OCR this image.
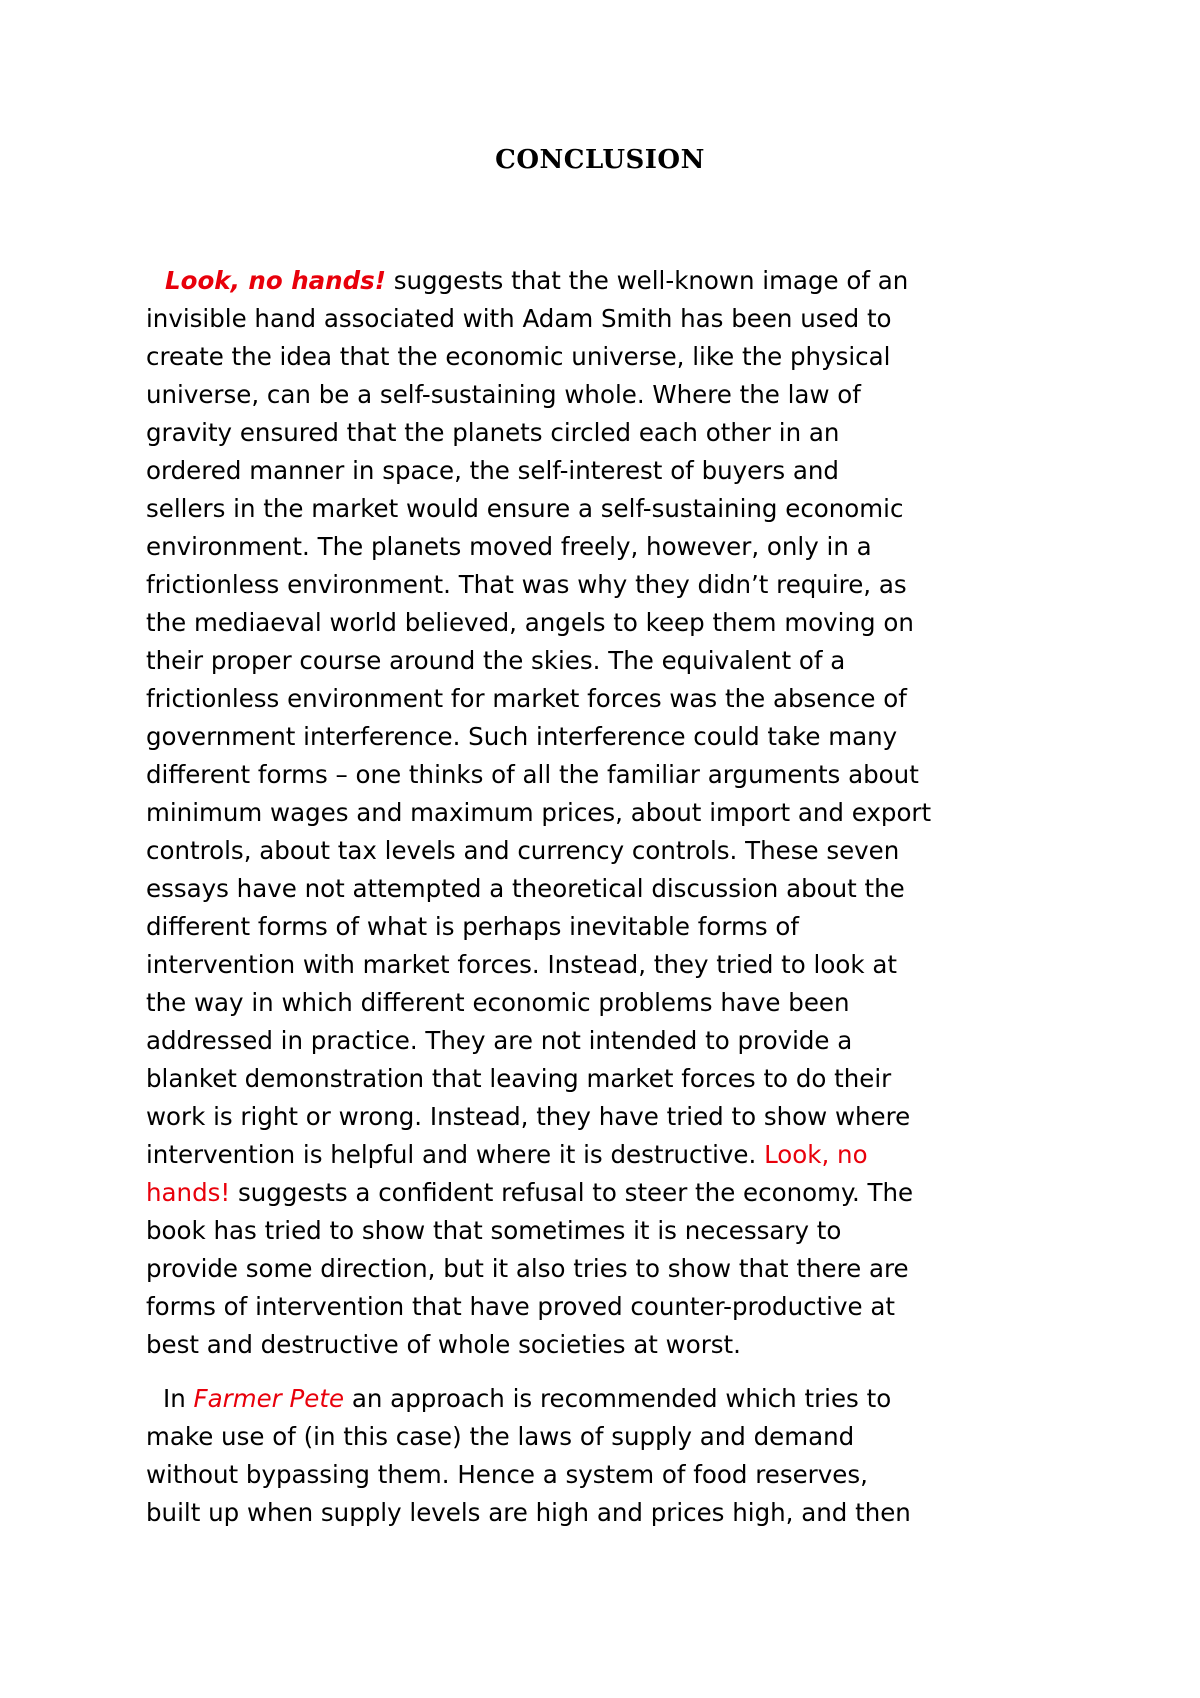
CONCLUSION
Look, no hands! suggests that the well-known image of an
invisible hand associated with Adam Smith has been used to
create the idea that the economic universe, like the physical
universe, can be a self-sustaining whole. Where the law of
gravity ensured that the planets circled each other in an
ordered manner in space, the self-interest of buyers and
sellers in the market would ensure a self-sustaining economic
environment. The planets moved freely, however, only in a
frictionless environment. That was why they didn’t require, as
the mediaeval world believed, angels to keep them moving on
their proper course around the skies. The equivalent of a
frictionless environment for market forces was the absence of
government interference. Such interference could take many
different forms – one thinks of all the familiar arguments about
minimum wages and maximum prices, about import and export
controls, about tax levels and currency controls. These seven
essays have not attempted a theoretical discussion about the
different forms of what is perhaps inevitable forms of
intervention with market forces. Instead, they tried to look at
the way in which different economic problems have been
addressed in practice. They are not intended to provide a
blanket demonstration that leaving market forces to do their
work is right or wrong. Instead, they have tried to show where
intervention is helpful and where it is destructive. Look, no
hands! suggests a confident refusal to steer the economy. The
book has tried to show that sometimes it is necessary to
provide some direction, but it also tries to show that there are
forms of intervention that have proved counter-productive at
best and destructive of whole societies at worst.
In Farmer Pete an approach is recommended which tries to
make use of (in this case) the laws of supply and demand
without bypassing them. Hence a system of food reserves,
built up when supply levels are high and prices high, and then
